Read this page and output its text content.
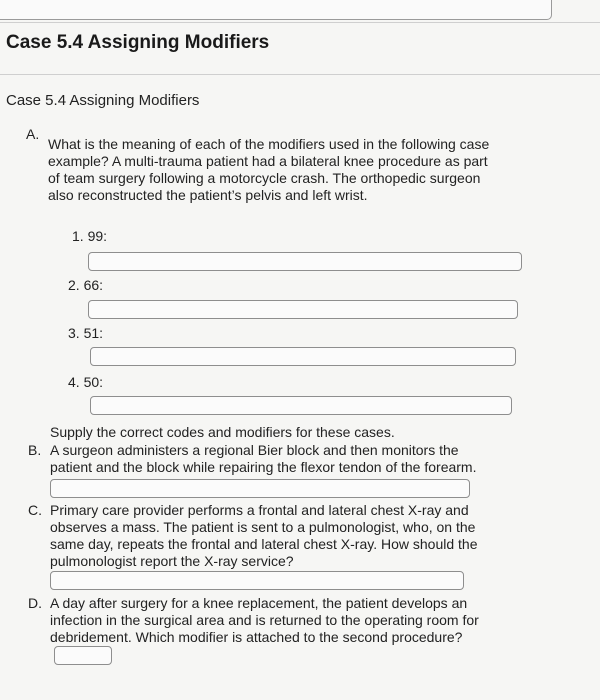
Case 5.4 Assigning Modifiers
Case 5.4 Assigning Modifiers
A.
What is the meaning of each of the modifiers used in the following case
example? A multi-trauma patient had a bilateral knee procedure as part
of team surgery following a motorcycle crash. The orthopedic surgeon
also reconstructed the patient’s pelvis and left wrist.
1. 99:
2. 66:
3. 51:
4. 50:
Supply the correct codes and modifiers for these cases.
B. A surgeon administers a regional Bier block and then monitors the
patient and the block while repairing the flexor tendon of the forearm.
C. Primary care provider performs a frontal and lateral chest X-ray and
observes a mass. The patient is sent to a pulmonologist, who, on the
same day, repeats the frontal and lateral chest X-ray. How should the
pulmonologist report the X-ray service?
D. A day after surgery for a knee replacement, the patient develops an
infection in the surgical area and is returned to the operating room for
debridement. Which modifier is attached to the second procedure?
